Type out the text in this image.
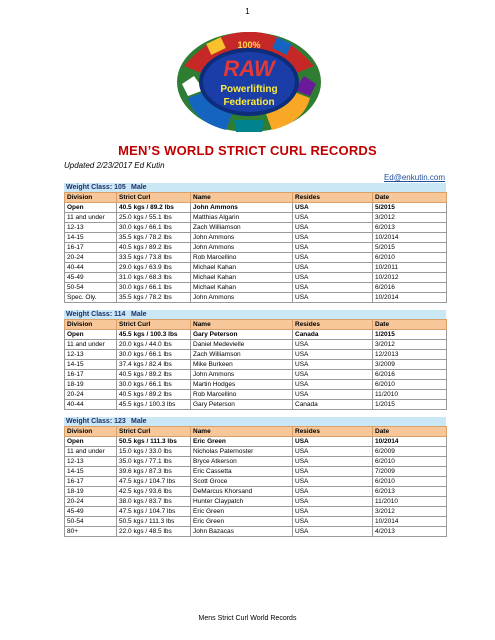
1
100%
RAW
Powerlifting
Federation
MEN’S WORLD STRICT CURL RECORDS
Updated 2/23/2017 Ed Kutin
Ed@enkutin.com
Weight Class: 105 Male
Division	Strict Curl	Name	Resides	Date
Open	40.5 kgs / 89.2 lbs	John Ammons	USA	5/2015
11 and under	25.0 kgs / 55.1 lbs	Matthias Algarin	USA	3/2012
12-13	30.0 kgs / 66.1 lbs	Zach Williamson	USA	6/2013
14-15	35.5 kgs / 78.2 lbs	John Ammons	USA	10/2014
16-17	40.5 kgs / 89.2 lbs	John Ammons	USA	5/2015
20-24	33.5 kgs / 73.8 lbs	Rob Marcellino	USA	6/2010
40-44	29.0 kgs / 63.9 lbs	Michael Kahan	USA	10/2011
45-49	31.0 kgs / 68.3 lbs	Michael Kahan	USA	10/2012
50-54	30.0 kgs / 66.1 lbs	Michael Kahan	USA	6/2016
Spec. Oly.	35.5 kgs / 78.2 lbs	John Ammons	USA	10/2014
Weight Class: 114 Male
Division	Strict Curl	Name	Resides	Date
Open	45.5 kgs / 100.3 lbs	Gary Peterson	Canada	1/2015
11 and under	20.0 kgs / 44.0 lbs	Daniel Medevielle	USA	3/2012
12-13	30.0 kgs / 66.1 lbs	Zach Williamson	USA	12/2013
14-15	37.4 kgs / 82.4 lbs	Mike Burkeen	USA	3/2009
16-17	40.5 kgs / 89.2 lbs	John Ammons	USA	6/2016
18-19	30.0 kgs / 66.1 lbs	Martin Hodges	USA	6/2010
20-24	40.5 kgs / 89.2 lbs	Rob Marcellino	USA	11/2010
40-44	45.5 kgs / 100.3 lbs	Gary Peterson	Canada	1/2015
Weight Class: 123 Male
Division	Strict Curl	Name	Resides	Date
Open	50.5 kgs / 111.3 lbs	Eric Green	USA	10/2014
11 and under	15.0 kgs / 33.0 lbs	Nicholas Paternoster	USA	6/2009
12-13	35.0 kgs / 77.1 lbs	Bryce Atkerson	USA	6/2010
14-15	39.6 kgs / 87.3 lbs	Eric Cassetta	USA	7/2009
16-17	47.5 kgs / 104.7 lbs	Scott Groce	USA	6/2010
18-19	42.5 kgs / 93.6 lbs	DeMarcus Khorsand	USA	6/2013
20-24	38.0 kgs / 83.7 lbs	Hunter Claypatch	USA	11/2010
45-49	47.5 kgs / 104.7 lbs	Eric Green	USA	3/2012
50-54	50.5 kgs / 111.3 lbs	Eric Green	USA	10/2014
80+	22.0 kgs / 48.5 lbs	John Bazacas	USA	4/2013
Mens Strict Curl World Records
